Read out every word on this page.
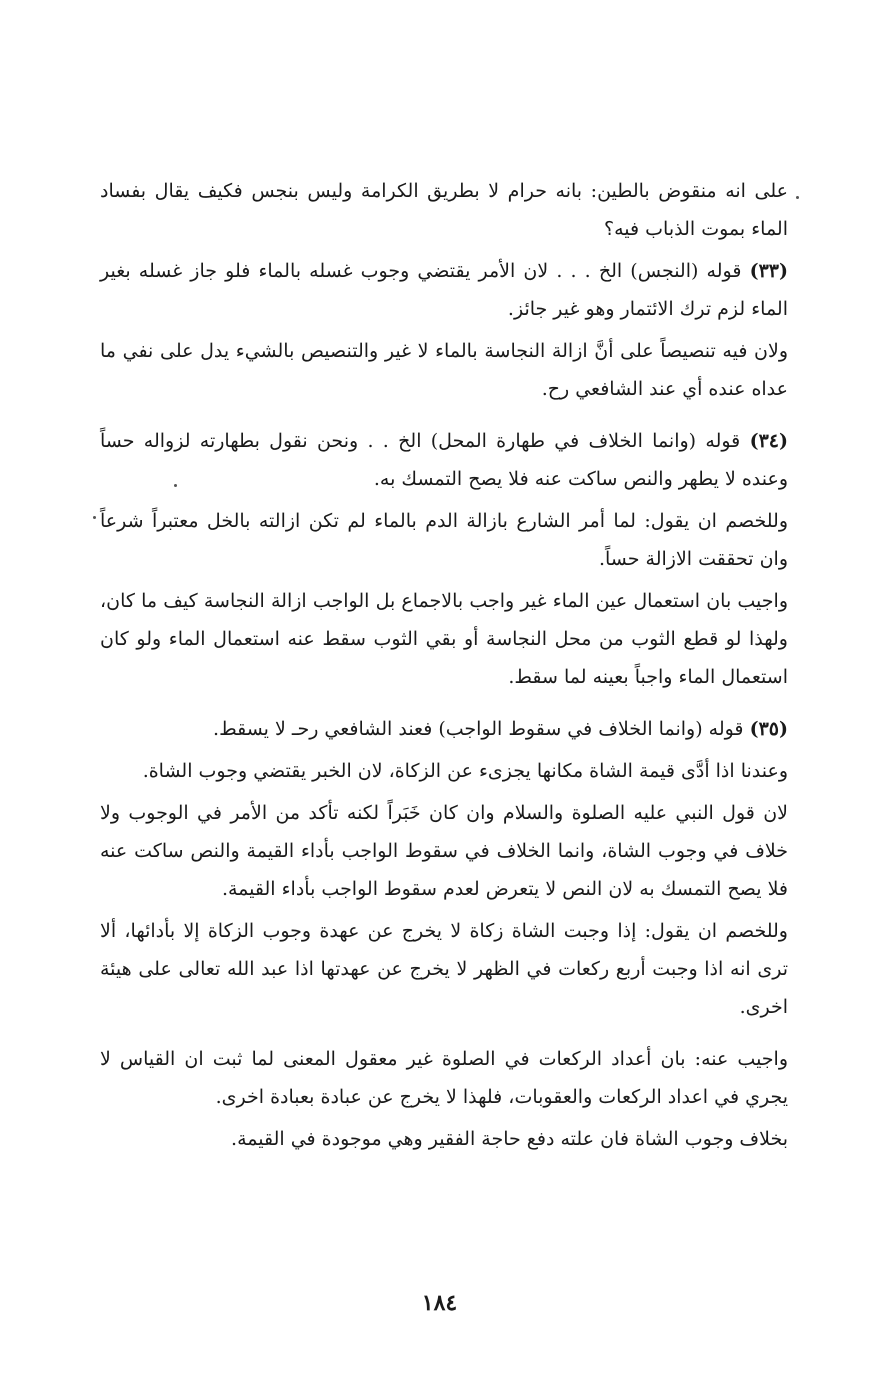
على انه منقوض بالطين: بانه حرام لا بطريق الكرامة وليس بنجس فكيف يقال بفساد الماء بموت الذباب فيه؟

(٣٣) قوله (النجس) الخ . . . لان الأمر يقتضي وجوب غسله بالماء فلو جاز غسله بغير الماء لزم ترك الائتمار وهو غير جائز.

ولان فيه تنصيصاً على أنَّ ازالة النجاسة بالماء لا غير والتنصيص بالشيء يدل على نفي ما عداه عنده أي عند الشافعي رح.

(٣٤) قوله (وانما الخلاف في طهارة المحل) الخ . . ونحن نقول بطهارته لزواله حساً وعنده لا يطهر والنص ساكت عنه فلا يصح التمسك به.

وللخصم ان يقول: لما أمر الشارع بازالة الدم بالماء لم تكن ازالته بالخل معتبراً شرعاً وان تحققت الازالة حساً.

واجيب بان استعمال عين الماء غير واجب بالاجماع بل الواجب ازالة النجاسة كيف ما كان، ولهذا لو قطع الثوب من محل النجاسة أو بقي الثوب سقط عنه استعمال الماء ولو كان استعمال الماء واجباً بعينه لما سقط.

(٣٥) قوله (وانما الخلاف في سقوط الواجب) فعند الشافعي رحـ لا يسقط.

وعندنا اذا أدَّى قيمة الشاة مكانها يجزىء عن الزكاة، لان الخبر يقتضي وجوب الشاة.

لان قول النبي عليه الصلوة والسلام وان كان خَبَراً لكنه تأكد من الأمر في الوجوب ولا خلاف في وجوب الشاة، وانما الخلاف في سقوط الواجب بأداء القيمة والنص ساكت عنه فلا يصح التمسك به لان النص لا يتعرض لعدم سقوط الواجب بأداء القيمة.

وللخصم ان يقول: إذا وجبت الشاة زكاة لا يخرج عن عهدة وجوب الزكاة إلا بأدائها، ألا ترى انه اذا وجبت أربع ركعات في الظهر لا يخرج عن عهدتها اذا عبد الله تعالى على هيئة اخرى.

واجيب عنه: بان أعداد الركعات في الصلوة غير معقول المعنى لما ثبت ان القياس لا يجري في اعداد الركعات والعقوبات، فلهذا لا يخرج عن عبادة بعبادة اخرى.

بخلاف وجوب الشاة فان علته دفع حاجة الفقير وهي موجودة في القيمة.

١٨٤
